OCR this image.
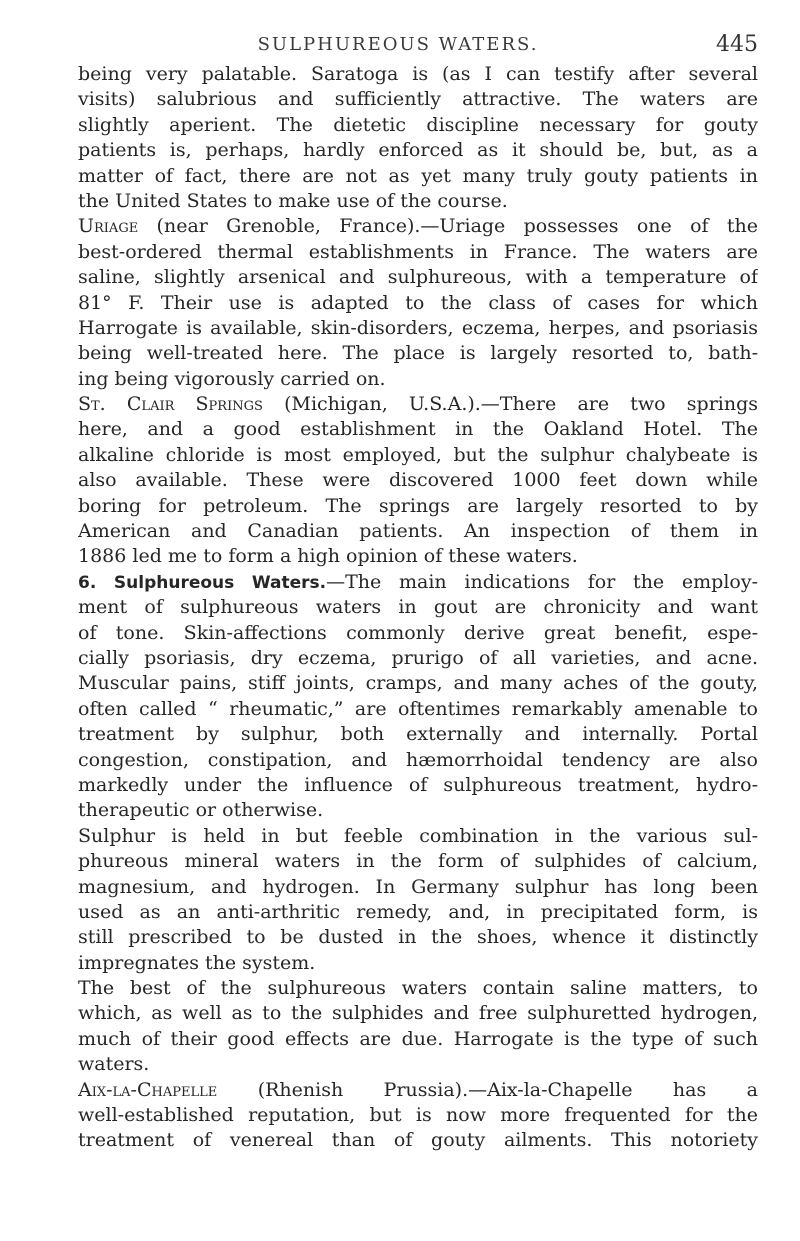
SULPHUREOUS WATERS.	445
being very palatable. Saratoga is (as I can testify after several
visits) salubrious and sufficiently attractive. The waters are
slightly aperient. The dietetic discipline necessary for gouty
patients is, perhaps, hardly enforced as it should be, but, as a
matter of fact, there are not as yet many truly gouty patients in
the United States to make use of the course.
Uriage (near Grenoble, France).—Uriage possesses one of the
best-ordered thermal establishments in France. The waters are
saline, slightly arsenical and sulphureous, with a temperature of
81° F. Their use is adapted to the class of cases for which
Harrogate is available, skin-disorders, eczema, herpes, and psoriasis
being well-treated here. The place is largely resorted to, bath-
ing being vigorously carried on.
St. Clair Springs (Michigan, U.S.A.).—There are two springs
here, and a good establishment in the Oakland Hotel. The
alkaline chloride is most employed, but the sulphur chalybeate is
also available. These were discovered 1000 feet down while
boring for petroleum. The springs are largely resorted to by
American and Canadian patients. An inspection of them in
1886 led me to form a high opinion of these waters.
6. Sulphureous Waters.—The main indications for the employ-
ment of sulphureous waters in gout are chronicity and want
of tone. Skin-affections commonly derive great benefit, espe-
cially psoriasis, dry eczema, prurigo of all varieties, and acne.
Muscular pains, stiff joints, cramps, and many aches of the gouty,
often called “ rheumatic,” are oftentimes remarkably amenable to
treatment by sulphur, both externally and internally. Portal
congestion, constipation, and hæmorrhoidal tendency are also
markedly under the influence of sulphureous treatment, hydro-
therapeutic or otherwise.
Sulphur is held in but feeble combination in the various sul-
phureous mineral waters in the form of sulphides of calcium,
magnesium, and hydrogen. In Germany sulphur has long been
used as an anti-arthritic remedy, and, in precipitated form, is
still prescribed to be dusted in the shoes, whence it distinctly
impregnates the system.
The best of the sulphureous waters contain saline matters, to
which, as well as to the sulphides and free sulphuretted hydrogen,
much of their good effects are due. Harrogate is the type of such
waters.
Aix-la-Chapelle (Rhenish Prussia).—Aix-la-Chapelle has a
well-established reputation, but is now more frequented for the
treatment of venereal than of gouty ailments. This notoriety
